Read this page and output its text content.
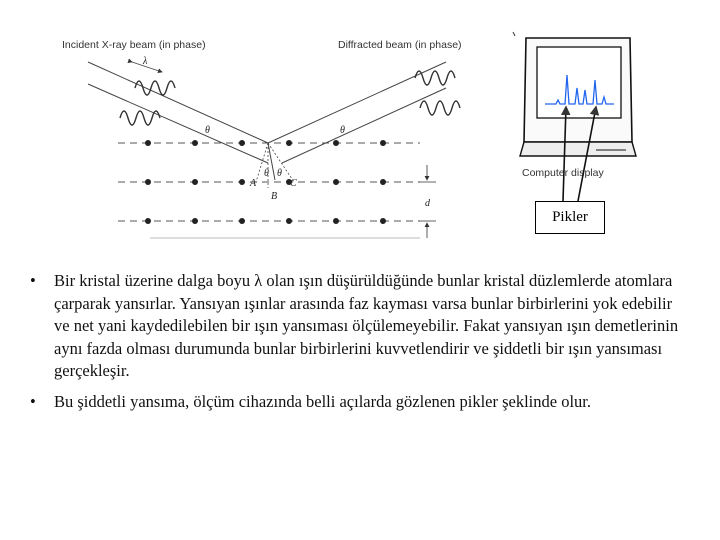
Incident X-ray beam (in phase)	Diffracted beam (in phase)
λ
θ	θ
θ θ
A
B
C
d
Computer display
Pikler
• Bir kristal üzerine dalga boyu λ olan ışın düşürüldüğünde bunlar kristal düzlemlerde atomlara çarparak yansırlar. Yansıyan ışınlar arasında faz kayması varsa bunlar birbirlerini yok edebilir ve net yani kaydedilebilen bir ışın yansıması ölçülemeyebilir. Fakat yansıyan ışın demetlerinin aynı fazda olması durumunda bunlar birbirlerini kuvvetlendirir ve şiddetli bir ışın yansıması gerçekleşir.
• Bu şiddetli yansıma, ölçüm cihazında belli açılarda gözlenen pikler şeklinde olur.
